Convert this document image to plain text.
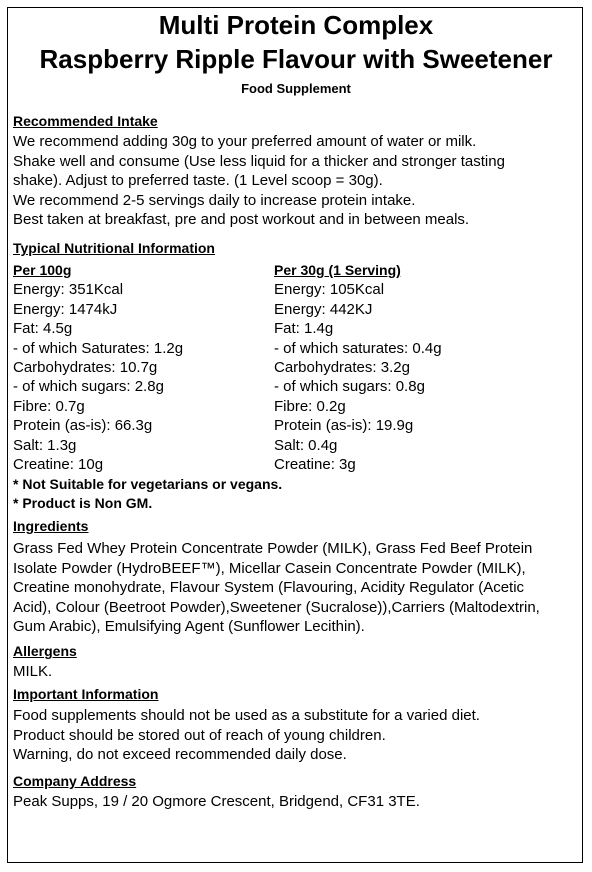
Multi Protein Complex
Raspberry Ripple Flavour with Sweetener
Food Supplement
Recommended Intake
We recommend adding 30g to your preferred amount of water or milk.
Shake well and consume (Use less liquid for a thicker and stronger tasting
shake). Adjust to preferred taste. (1 Level scoop = 30g).
We recommend 2-5 servings daily to increase protein intake.
Best taken at breakfast, pre and post workout and in between meals.
Typical Nutritional Information
Per 100g
Energy: 351Kcal
Energy: 1474kJ
Fat: 4.5g
- of which Saturates: 1.2g
Carbohydrates: 10.7g
- of which sugars: 2.8g
Fibre: 0.7g
Protein (as-is): 66.3g
Salt: 1.3g
Creatine: 10g
Per 30g (1 Serving)
Energy: 105Kcal
Energy: 442KJ
Fat: 1.4g
- of which saturates: 0.4g
Carbohydrates: 3.2g
- of which sugars: 0.8g
Fibre: 0.2g
Protein (as-is): 19.9g
Salt: 0.4g
Creatine: 3g
* Not Suitable for vegetarians or vegans.
* Product is Non GM.
Ingredients
Grass Fed Whey Protein Concentrate Powder (MILK), Grass Fed Beef Protein
Isolate Powder (HydroBEEF™), Micellar Casein Concentrate Powder (MILK),
Creatine monohydrate, Flavour System (Flavouring, Acidity Regulator (Acetic
Acid), Colour (Beetroot Powder),Sweetener (Sucralose)),Carriers (Maltodextrin,
Gum Arabic), Emulsifying Agent (Sunflower Lecithin).
Allergens
MILK.
Important Information
Food supplements should not be used as a substitute for a varied diet.
Product should be stored out of reach of young children.
Warning, do not exceed recommended daily dose.
Company Address
Peak Supps, 19 / 20 Ogmore Crescent, Bridgend, CF31 3TE.
